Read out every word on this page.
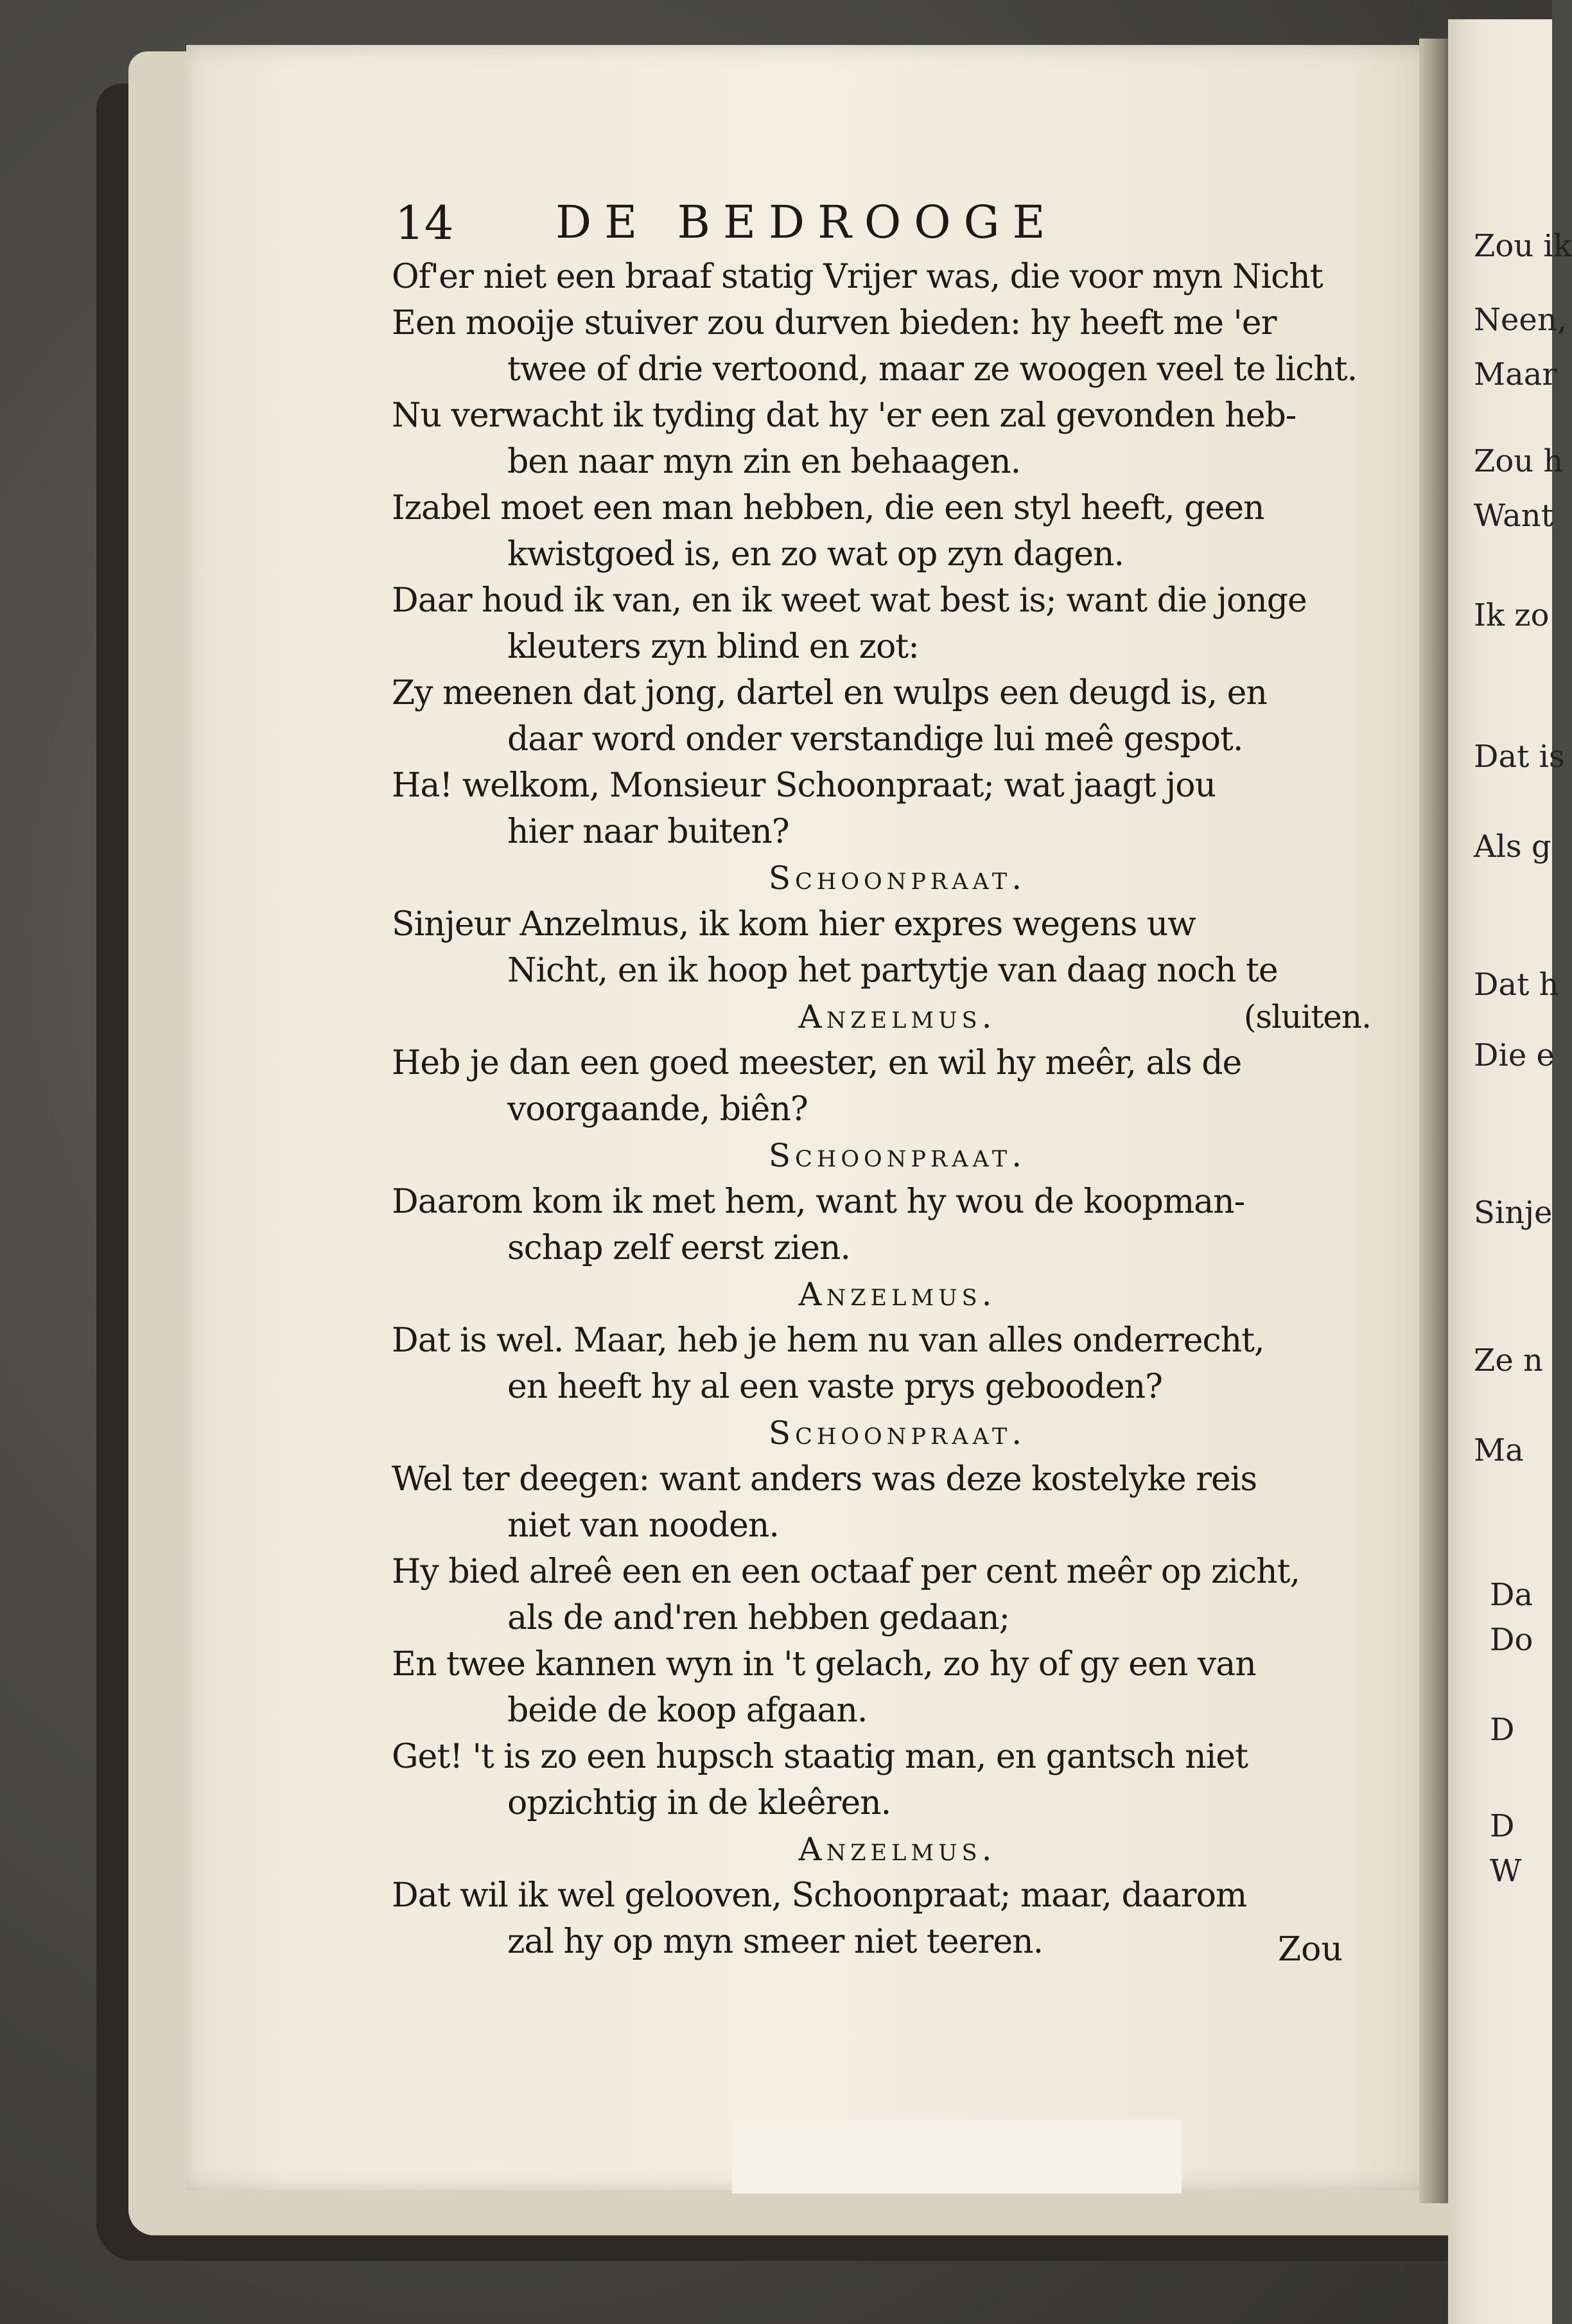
Zou ik
Neen,
Maar
Zou h
Want
Ik zo
Dat is
Als g
Dat h
Die e
Sinje
Ze n
Ma
Da
Do
D
D
W
14 DE BEDROOGE
Of'er niet een braaf statig Vrijer was, die voor myn Nicht
Een mooije stuiver zou durven bieden: hy heeft me 'er
twee of drie vertoond, maar ze woogen veel te licht.
Nu verwacht ik tyding dat hy 'er een zal gevonden heb-
ben naar myn zin en behaagen.
Izabel moet een man hebben, die een styl heeft, geen
kwistgoed is, en zo wat op zyn dagen.
Daar houd ik van, en ik weet wat best is; want die jonge
kleuters zyn blind en zot:
Zy meenen dat jong, dartel en wulps een deugd is, en
daar word onder verstandige lui meê gespot.
Ha! welkom, Monsieur Schoonpraat; wat jaagt jou
hier naar buiten?
Schoonpraat.
Sinjeur Anzelmus, ik kom hier expres wegens uw
Nicht, en ik hoop het partytje van daag noch te
Anzelmus.	(sluiten.
Heb je dan een goed meester, en wil hy meêr, als de
voorgaande, biên?
Schoonpraat.
Daarom kom ik met hem, want hy wou de koopman-
schap zelf eerst zien.
Anzelmus.
Dat is wel. Maar, heb je hem nu van alles onderrecht,
en heeft hy al een vaste prys gebooden?
Schoonpraat.
Wel ter deegen: want anders was deze kostelyke reis
niet van nooden.
Hy bied alreê een en een octaaf per cent meêr op zicht,
als de and'ren hebben gedaan;
En twee kannen wyn in 't gelach, zo hy of gy een van
beide de koop afgaan.
Get! 't is zo een hupsch staatig man, en gantsch niet
opzichtig in de kleêren.
Anzelmus.
Dat wil ik wel gelooven, Schoonpraat; maar, daarom
zal hy op myn smeer niet teeren.	Zou
